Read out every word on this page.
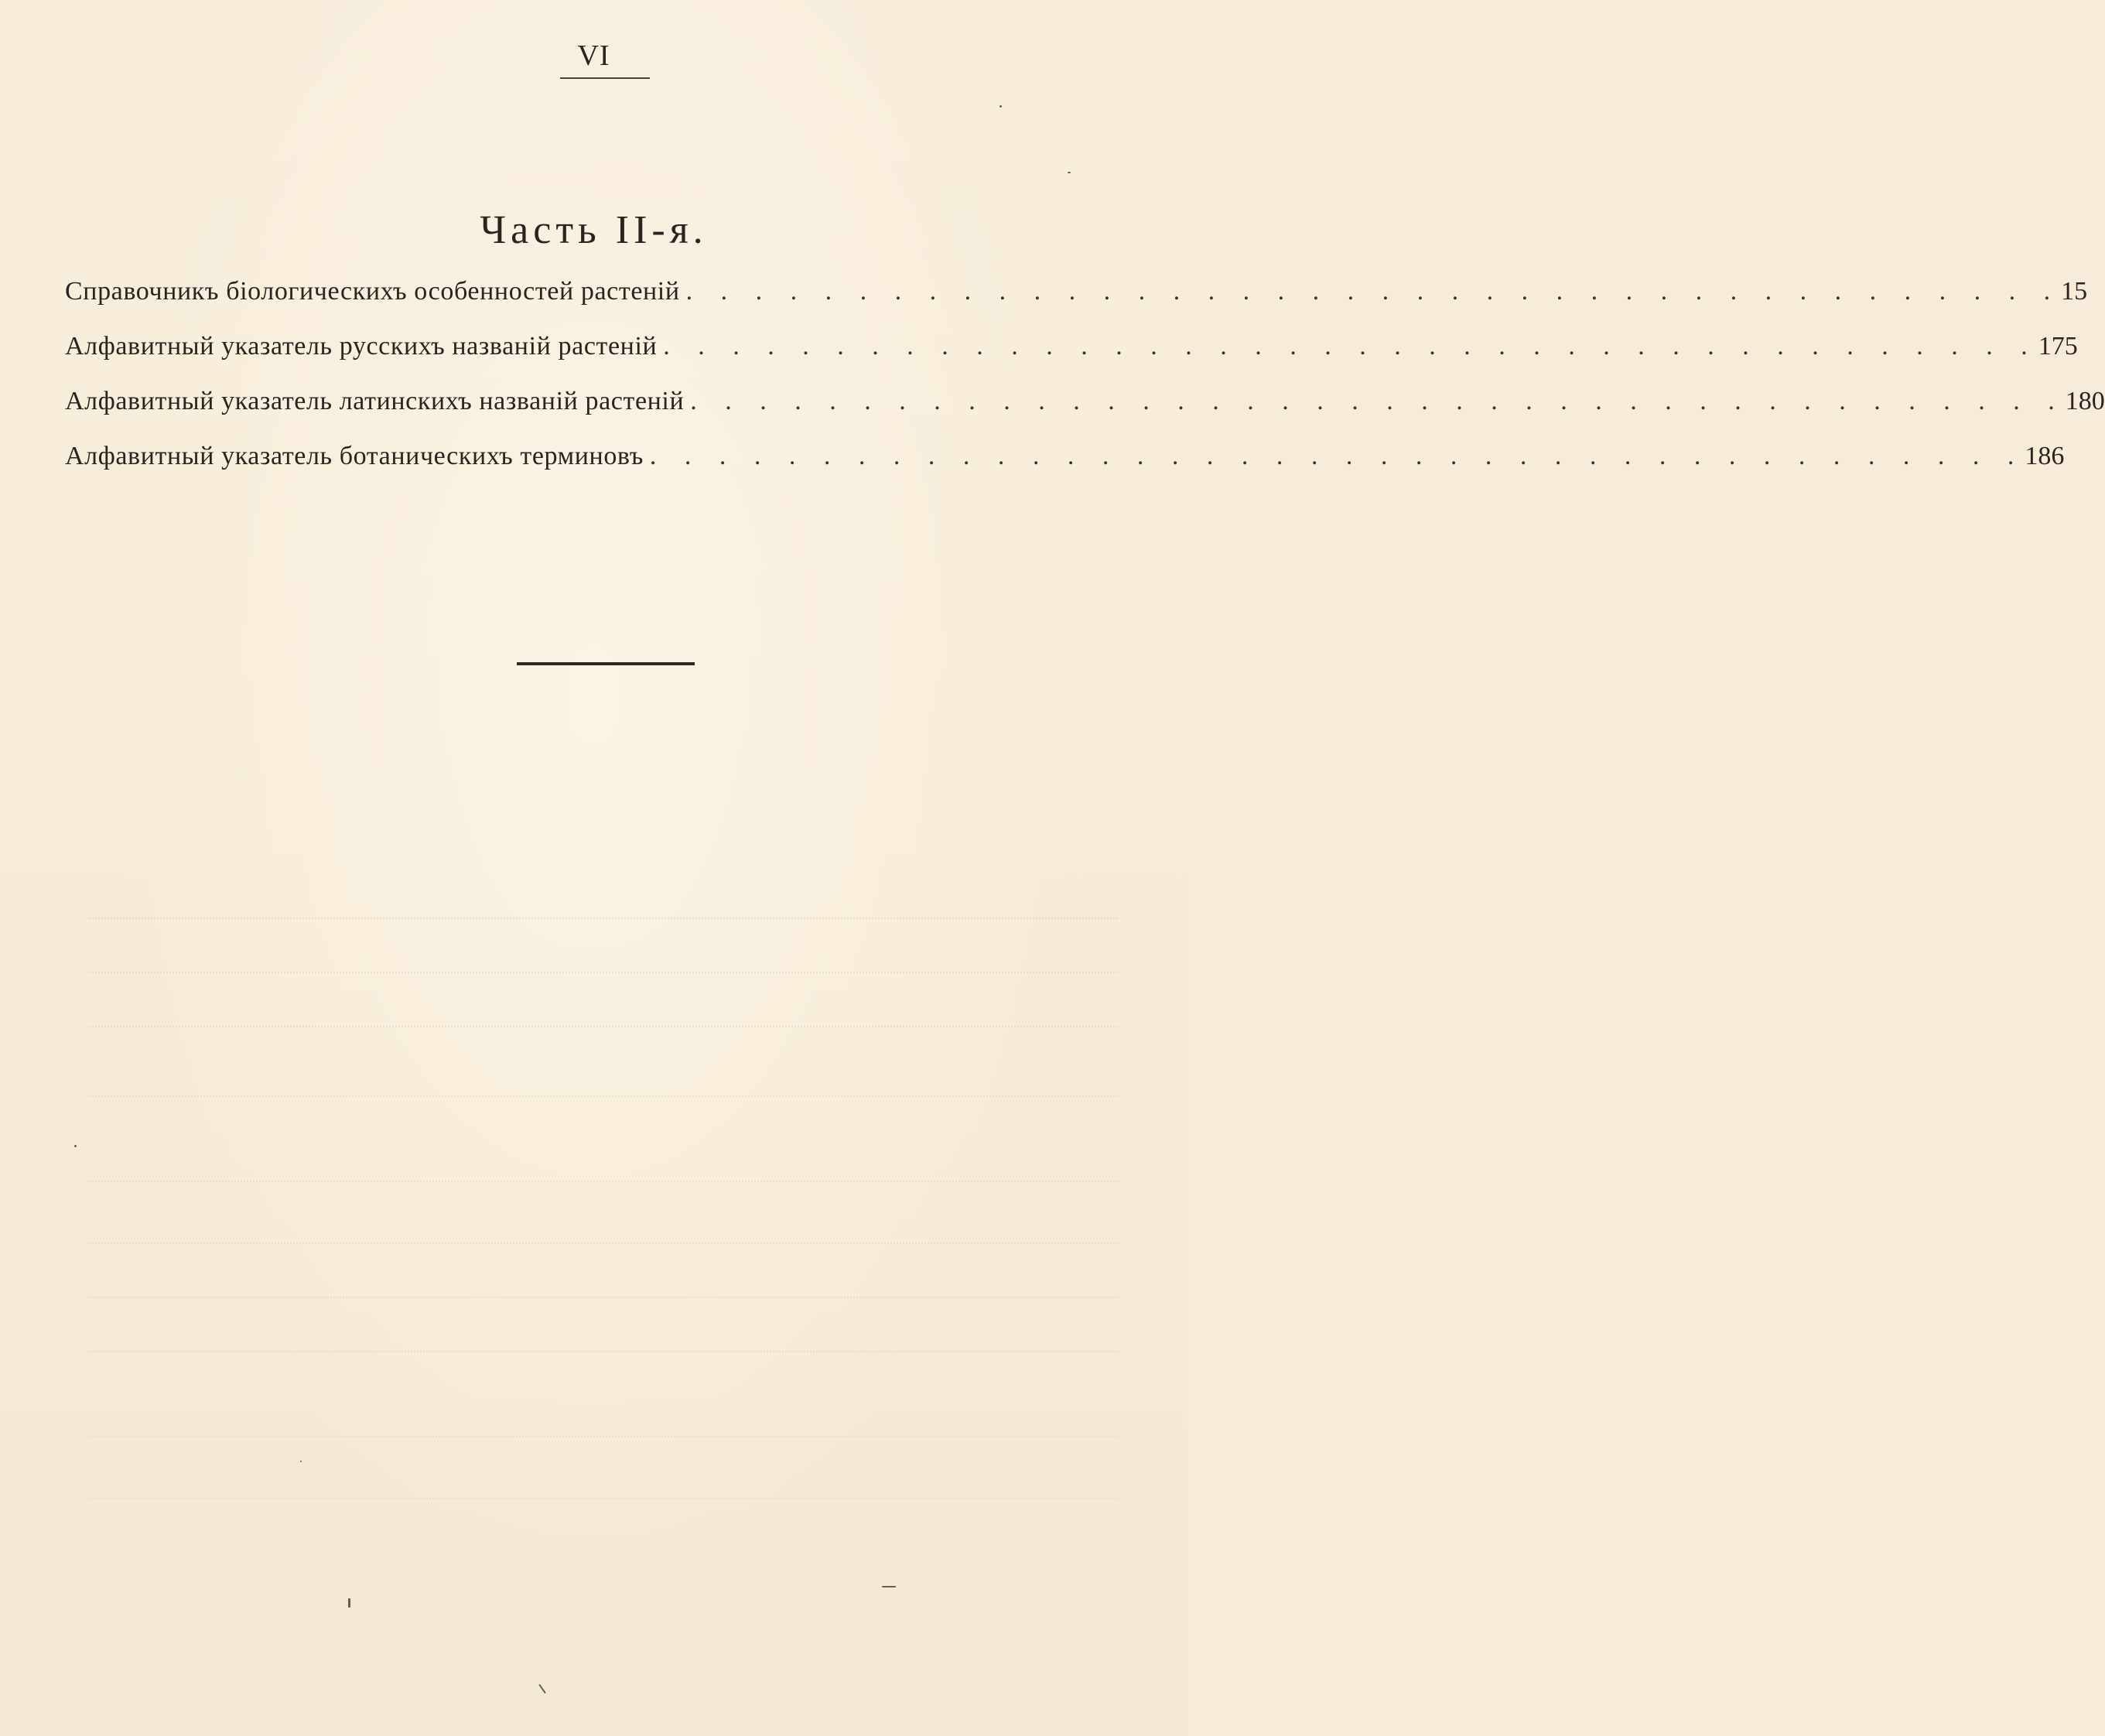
VI
Часть II-я.
Справочникъ біологическихъ особенностей растеній . . . . . . . . . . . . . . . . . . . . . . . . . . . . . . . . . . . . . . . . 15
Алфавитный указатель русскихъ названій растеній . . . . . . . . . . . . . . . . . . . . . . . . . . . . . . . . . . . . . . . . 175
Алфавитный указатель латинскихъ названій растеній . . . . . . . . . . . . . . . . . . . . . . . . . . . . . . . . . . . . . . . . 180
Алфавитный указатель ботаническихъ терминовъ . . . . . . . . . . . . . . . . . . . . . . . . . . . . . . . . . . . . . . . . 186
